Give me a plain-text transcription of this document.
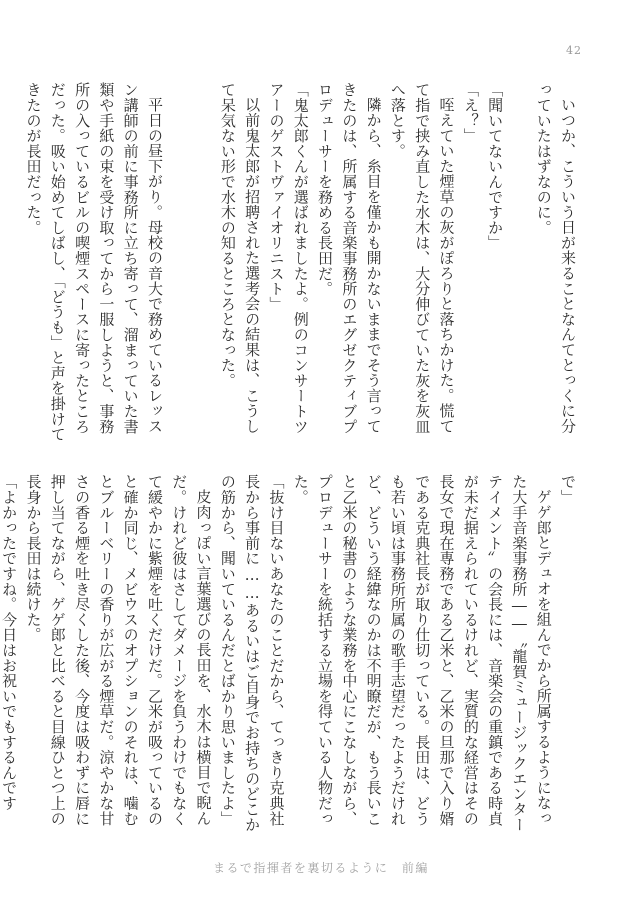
42

いつか、こういう日が来ることなんてとっくに分っていたはずなのに。

「聞いてないんですか」

「え？」

咥えていた煙草の灰がぽろりと落ちかけた。慌てて指で挟み直した水木は、大分伸びていた灰を灰皿へ落とす。

隣から、糸目を僅かも開かないままでそう言ってきたのは、所属する音楽事務所のエグゼクティブプロデューサーを務める長田だ。

「鬼太郎くんが選ばれましたよ。例のコンサートツアーのゲストヴァイオリニスト」

以前鬼太郎が招聘された選考会の結果は、こうして呆気ない形で水木の知るところとなった。

平日の昼下がり。母校の音大で務めているレッスン講師の前に事務所に立ち寄って、溜まっていた書類や手紙の束を受け取ってから一服しようと、事務所の入っているビルの喫煙スペースに寄ったところだった。吸い始めてしばし、「どうも」と声を掛けてきたのが長田だった。

で」

ゲゲ郎とデュオを組んでから所属するようになった大手音楽事務所――〝龍賀ミュージックエンターテイメント〟の会長には、音楽会の重鎮である時貞が未だ据えられているけれど、実質的な経営はその長女で現在専務である乙米と、乙米の旦那で入り婿である克典社長が取り仕切っている。長田は、どうも若い頃は事務所所属の歌手志望だったようだけれど、どういう経緯なのかは不明瞭だが、もう長いこと乙米の秘書のような業務を中心にこなしながら、プロデューサーを統括する立場を得ている人物だった。

「抜け目ないあなたのことだから、てっきり克典社長から事前に……あるいはご自身でお持ちのどこかの筋から、聞いているんだとばかり思いましたよ」

皮肉っぽい言葉選びの長田を、水木は横目で睨んだ。けれど彼はさしてダメージを負うわけでもなくて緩やかに紫煙を吐くだけだ。乙米が吸っているのと確か同じ、メビウスのオプションのそれは、噛むとブルーベリーの香りが広がる煙草だ。涼やかな甘さの香る煙を吐き尽くした後、今度は吸わずに唇に押し当てながら、ゲゲ郎と比べると目線ひとつ上の長身から長田は続けた。

「よかったですね。今日はお祝いでもするんです

まるで指揮者を裏切るように　前編
